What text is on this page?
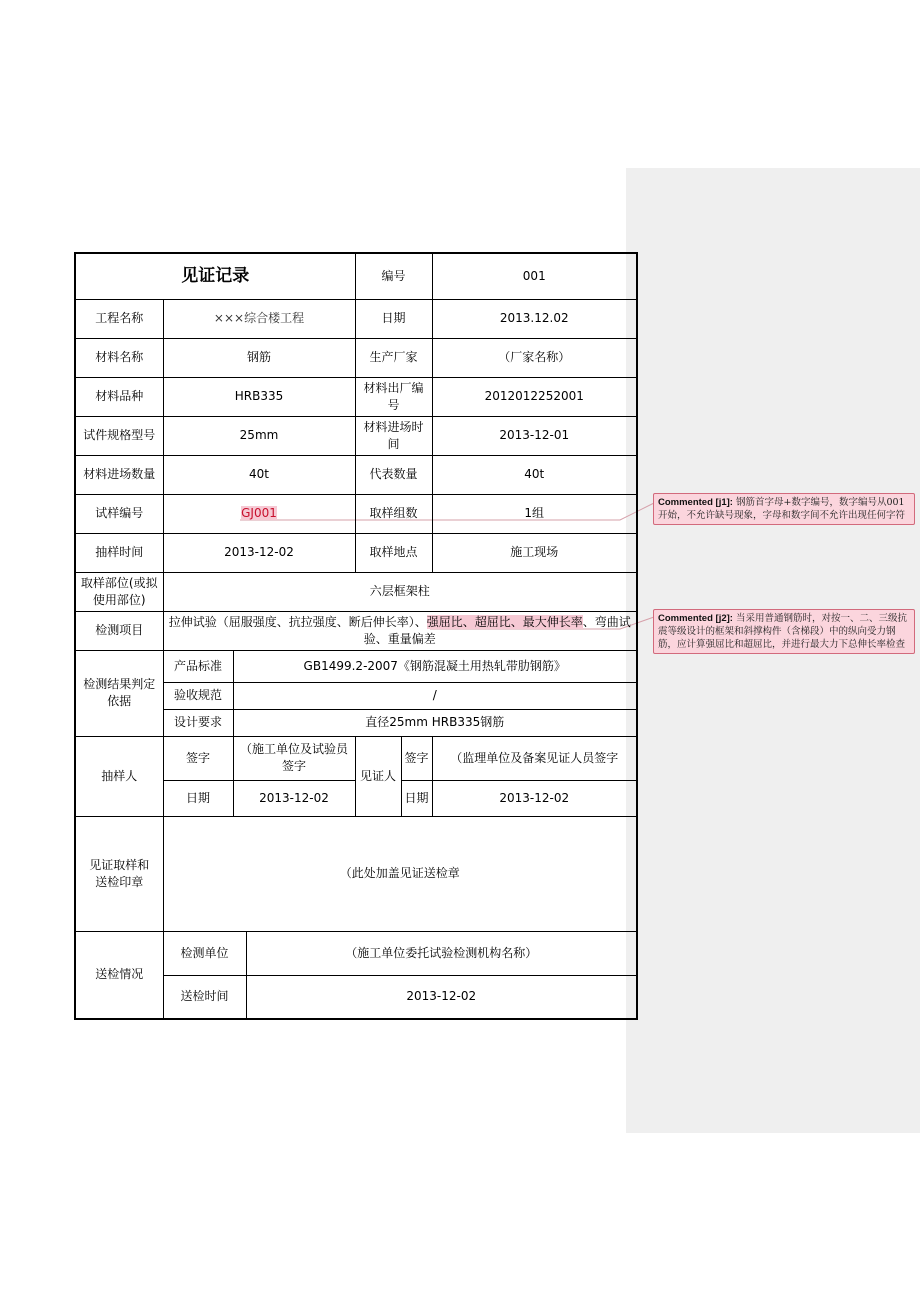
见证记录				编号		001
工程名称	×××综合楼工程			日期		2013.12.02
材料名称	钢筋			生产厂家		（厂家名称）
材料品种	HRB335			材料出厂编号		2012012252001
试件规格型号	25mm			材料进场时间		2013-12-01
材料进场数量	40t			代表数量		40t
试样编号	GJ001			取样组数		1组
抽样时间	2013-12-02			取样地点		施工现场
取样部位(或拟使用部位)	六层框架柱					
检测项目	拉伸试验（屈服强度、抗拉强度、断后伸长率）、强屈比、超屈比、最大伸长率、弯曲试验、重量偏差					
检测结果判定依据	产品标准	GB1499.2-2007《钢筋混凝土用热轧带肋钢筋》				
	验收规范	/				
	设计要求	直径25mm HRB335钢筋				
抽样人	签字	（施工单位及试验员签字		见证人	签字	（监理单位及备案见证人员签字
	日期	2013-12-02			日期	2013-12-02
见证取样和送检印章	（此处加盖见证送检章					
送检情况	检测单位		（施工单位委托试验检测机构名称）			
	送检时间		2013-12-02			
Commented [j1]: 钢筋首字母+数字编号，数字编号从001开始，不允许缺号现象，字母和数字间不允许出现任何字符
Commented [j2]: 当采用普通钢筋时，对按一、二、三级抗震等级设计的框架和斜撑构件（含梯段）中的纵向受力钢筋，应计算强屈比和超屈比，并进行最大力下总伸长率检查
